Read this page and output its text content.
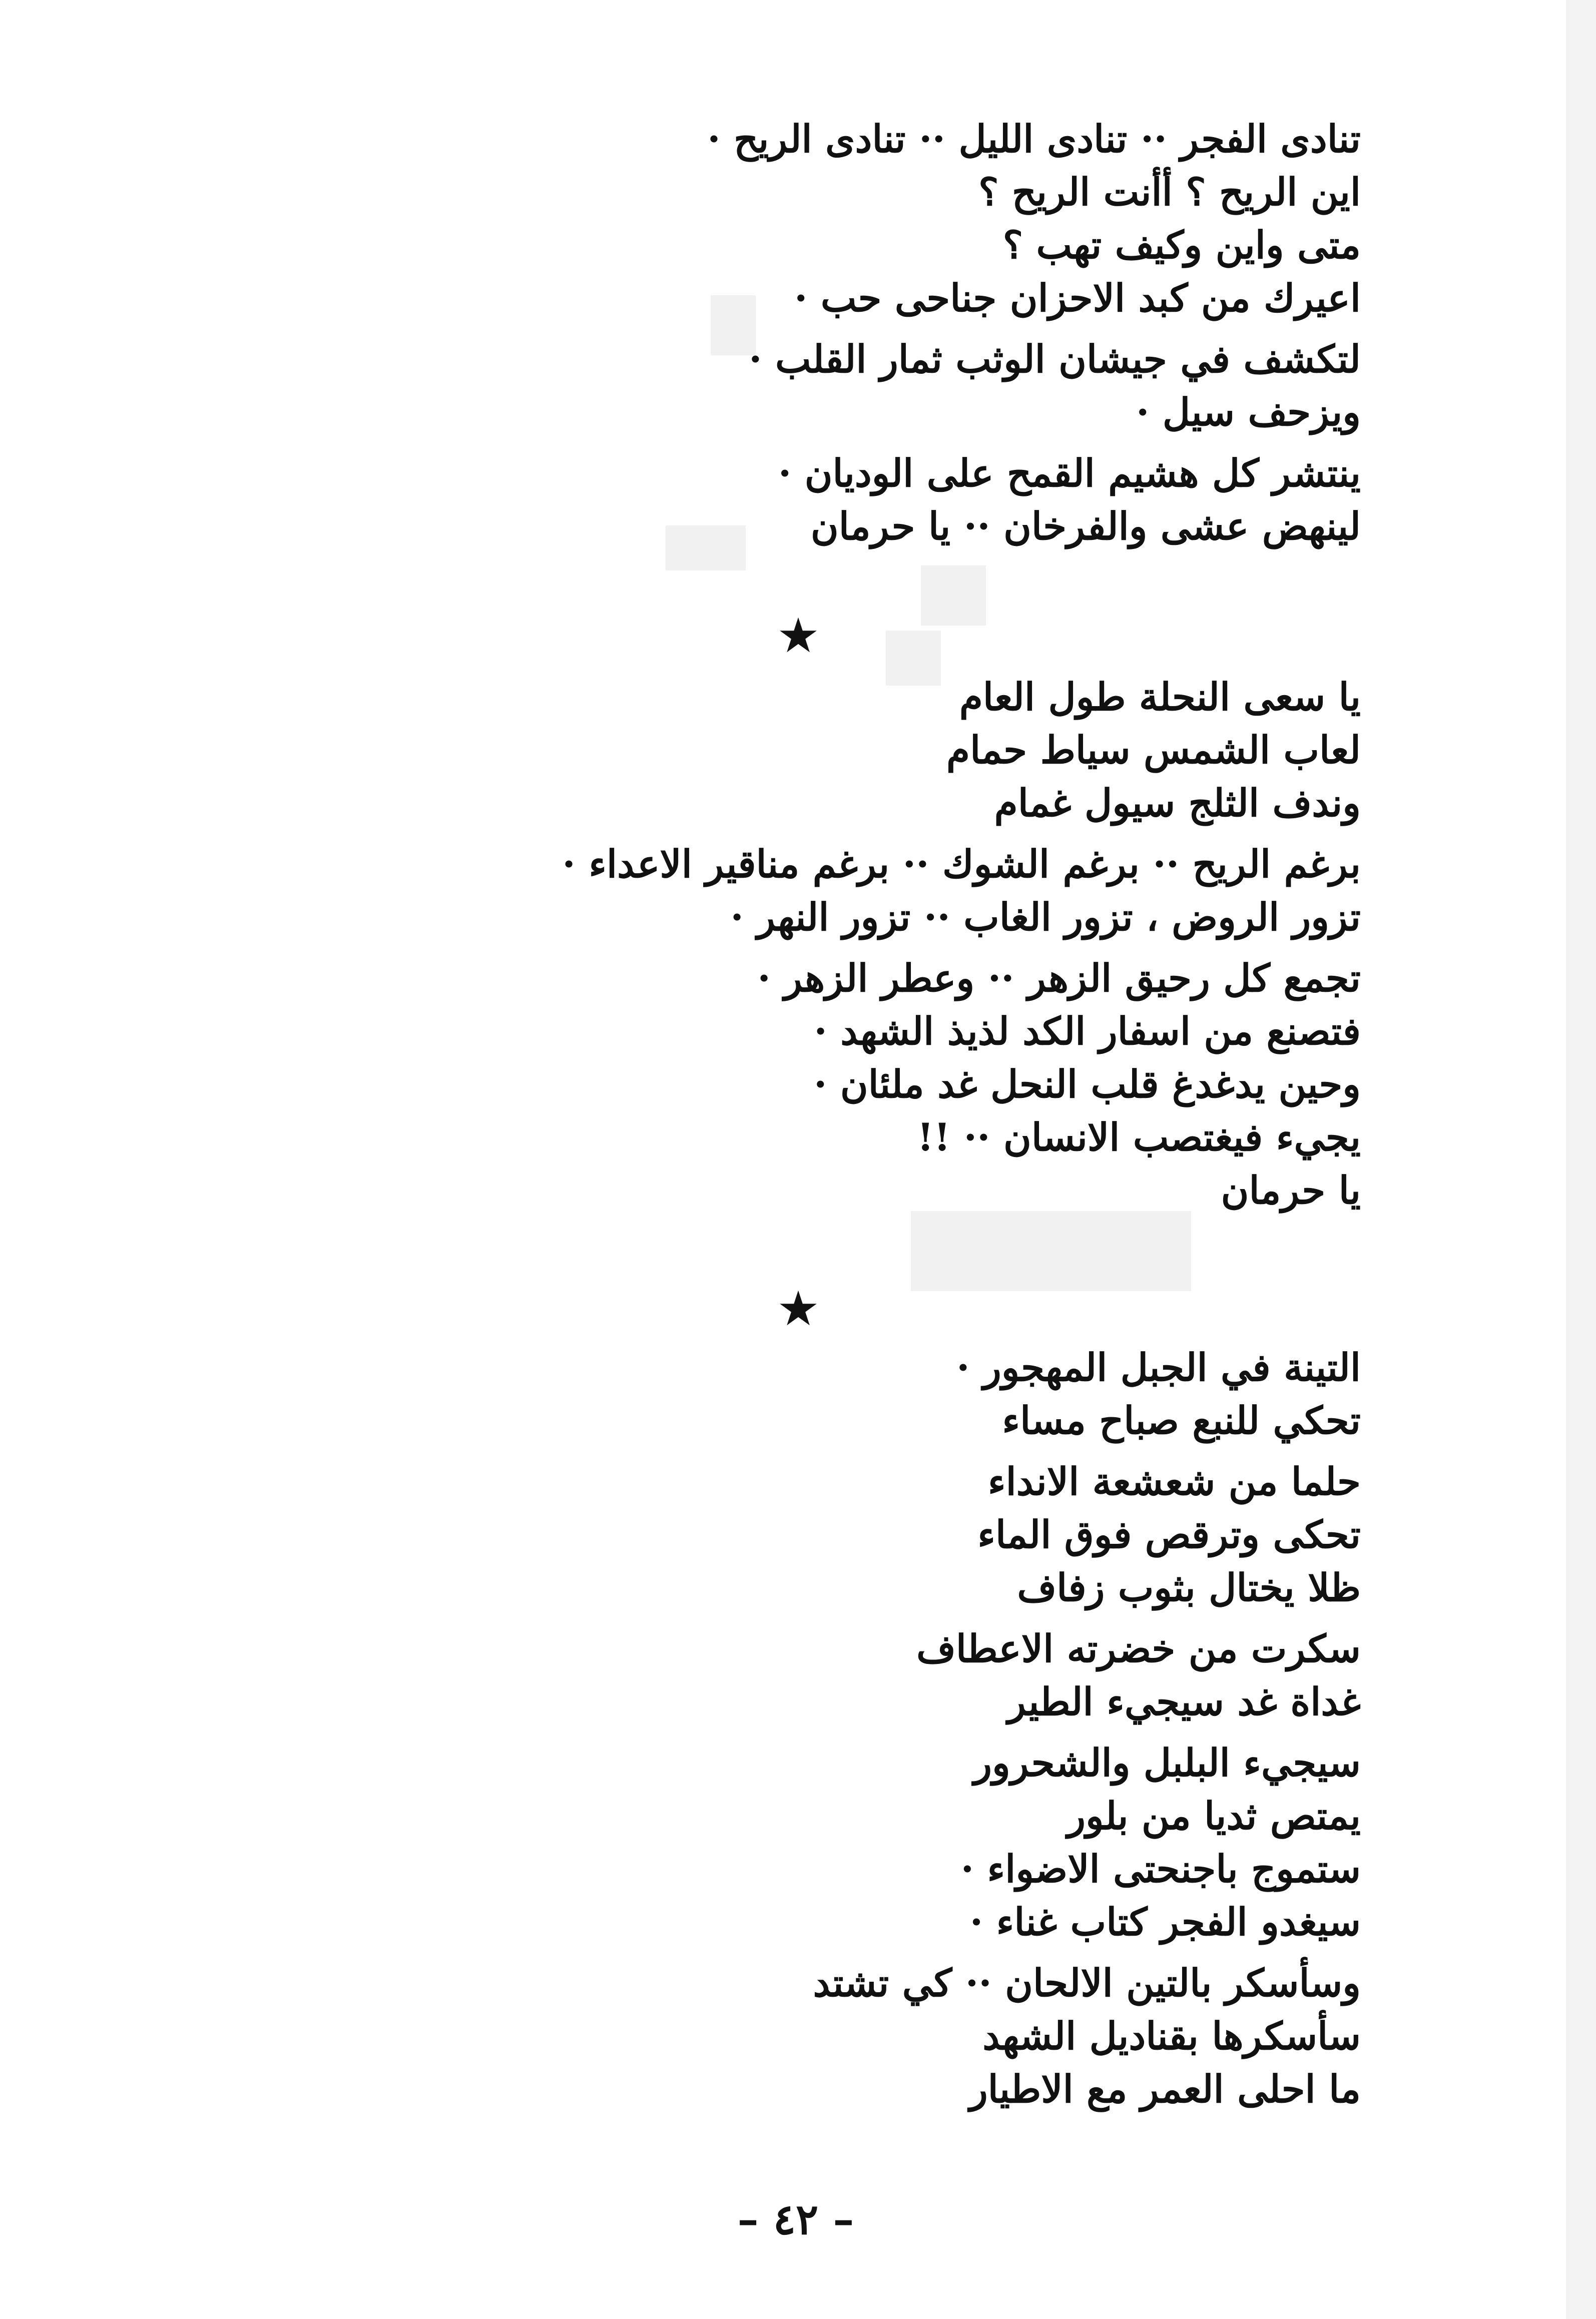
تنادى الفجر ·· تنادى الليل ·· تنادى الريح ·
اين الريح ؟ أأنت الريح ؟
متى واين وكيف تهب ؟
اعيرك من كبد الاحزان جناحى حب ·
لتكشف في جيشان الوثب ثمار القلب ·
ويزحف سيل ·
ينتشر كل هشيم القمح على الوديان ·
لينهض عشى والفرخان ·· يا حرمان
★
يا سعى النحلة طول العام
لعاب الشمس سياط حمام
وندف الثلج سيول غمام
برغم الريح ·· برغم الشوك ·· برغم مناقير الاعداء ·
تزور الروض ، تزور الغاب ·· تزور النهر ·
تجمع كل رحيق الزهر ·· وعطر الزهر ·
فتصنع من اسفار الكد لذيذ الشهد ·
وحين يدغدغ قلب النحل غد ملئان ·
يجيء فيغتصب الانسان ·· !!
يا حرمان
★
التينة في الجبل المهجور ·
تحكي للنبع صباح مساء
حلما من شعشعة الانداء
تحكى وترقص فوق الماء
ظلا يختال بثوب زفاف
سكرت من خضرته الاعطاف
غداة غد سيجيء الطير
سيجيء البلبل والشحرور
يمتص ثديا من بلور
ستموج باجنحتى الاضواء ·
سيغدو الفجر كتاب غناء ·
وسأسكر بالتين الالحان ·· كي تشتد
سأسكرها بقناديل الشهد
ما احلى العمر مع الاطيار
– ٤٢ –
